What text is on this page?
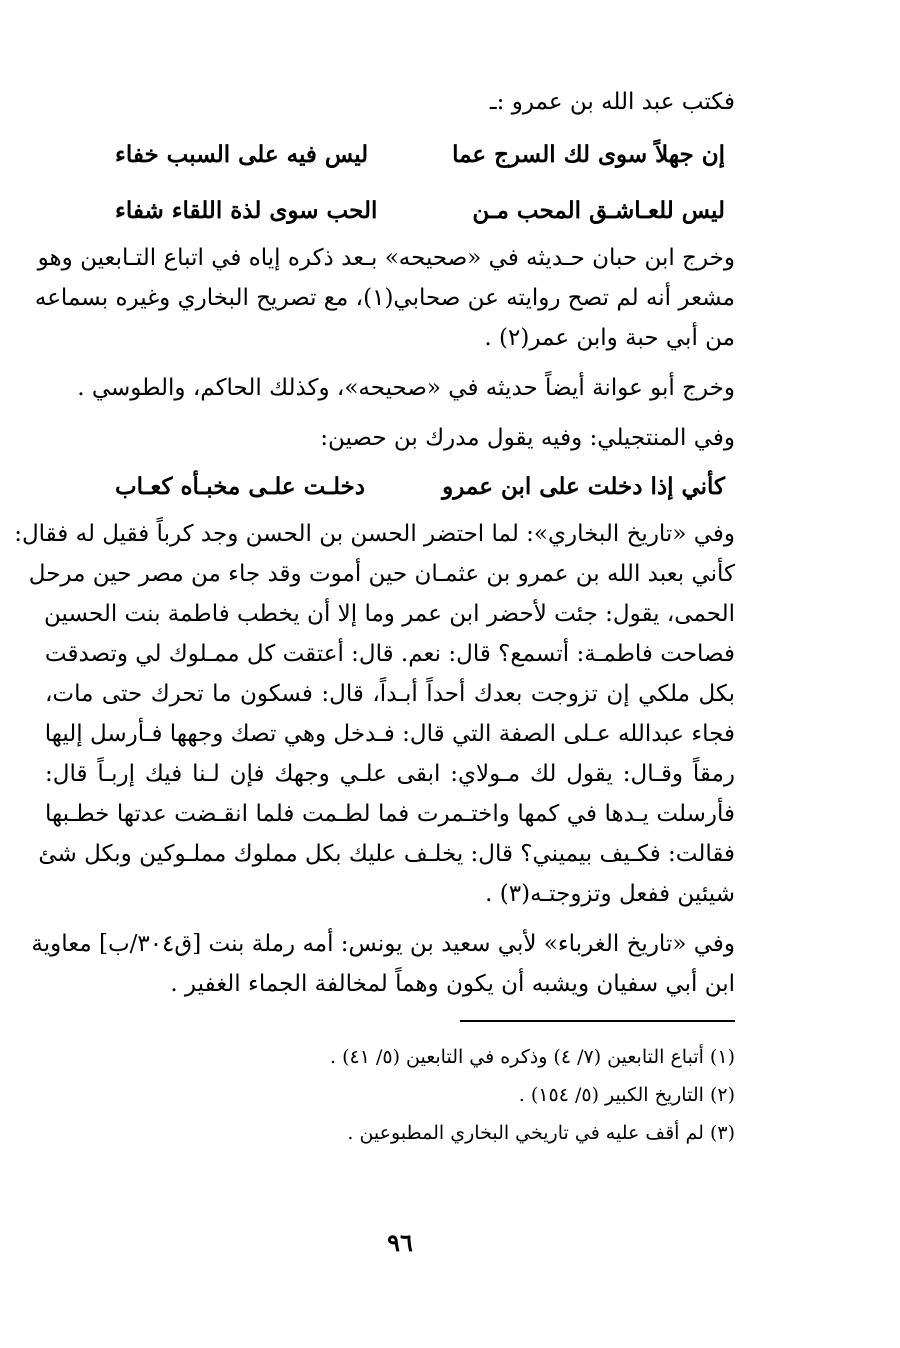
فكتب عبد الله بن عمرو :ـ
إن جهلاً سوى لك السرج عما
ليس فيه على السبب خفاء
ليس للعـاشـق المحب مـن
الحب سوى لذة اللقاء شفاء
وخرج ابن حبان حـديثه في «صحيحه» بـعد ذكره إياه في اتباع التـابعين وهو
مشعر أنه لم تصح روايته عن صحابي(١)، مع تصريح البخاري وغيره بسماعه
من أبي حبة وابن عمر(٢) .
وخرج أبو عوانة أيضاً حديثه في «صحيحه»، وكذلك الحاكم، والطوسي .
وفي المنتجيلي: وفيه يقول مدرك بن حصين:
كأني إذا دخلت على ابن عمرو
دخلـت علـى مخبـأه كعـاب
وفي «تاريخ البخاري»: لما احتضر الحسن بن الحسن وجد كرباً فقيل له فقال:
كأني بعبد الله بن عمرو بن عثمـان حين أموت وقد جاء من مصر حين مرحل
الحمى، يقول: جئت لأحضر ابن عمر وما إلا أن يخطب فاطمة بنت الحسين
فصاحت فاطمـة: أتسمع؟ قال: نعم. قال: أعتقت كل ممـلوك لي وتصدقت
بكل ملكي إن تزوجت بعدك أحداً أبـداً، قال: فسكون ما تحرك حتى مات،
فجاء عبدالله عـلى الصفة التي قال: فـدخل وهي تصك وجهها فـأرسل إليها
رمقاً وقـال: يقول لك مـولاي: ابقى علـي وجهك فإن لـنا فيك إربـاً قال:
فأرسلت يـدها في كمها واختـمرت فما لطـمت فلما انقـضت عدتها خطـبها
فقالت: فكـيف بيميني؟ قال: يخلـف عليك بكل مملوك مملـوكين وبكل شئ
شيئين ففعل وتزوجتـه(٣) .
وفي «تاريخ الغرباء» لأبي سعيد بن يونس: أمه رملة بنت [ق٣٠٤/ب] معاوية
ابن أبي سفيان ويشبه أن يكون وهماً لمخالفة الجماء الغفير .
(١) أتباع التابعين (٧/ ٤) وذكره في التابعين (٥/ ٤١) .
(٢) التاريخ الكبير (٥/ ١٥٤) .
(٣) لم أقف عليه في تاريخي البخاري المطبوعين .
٩٦
